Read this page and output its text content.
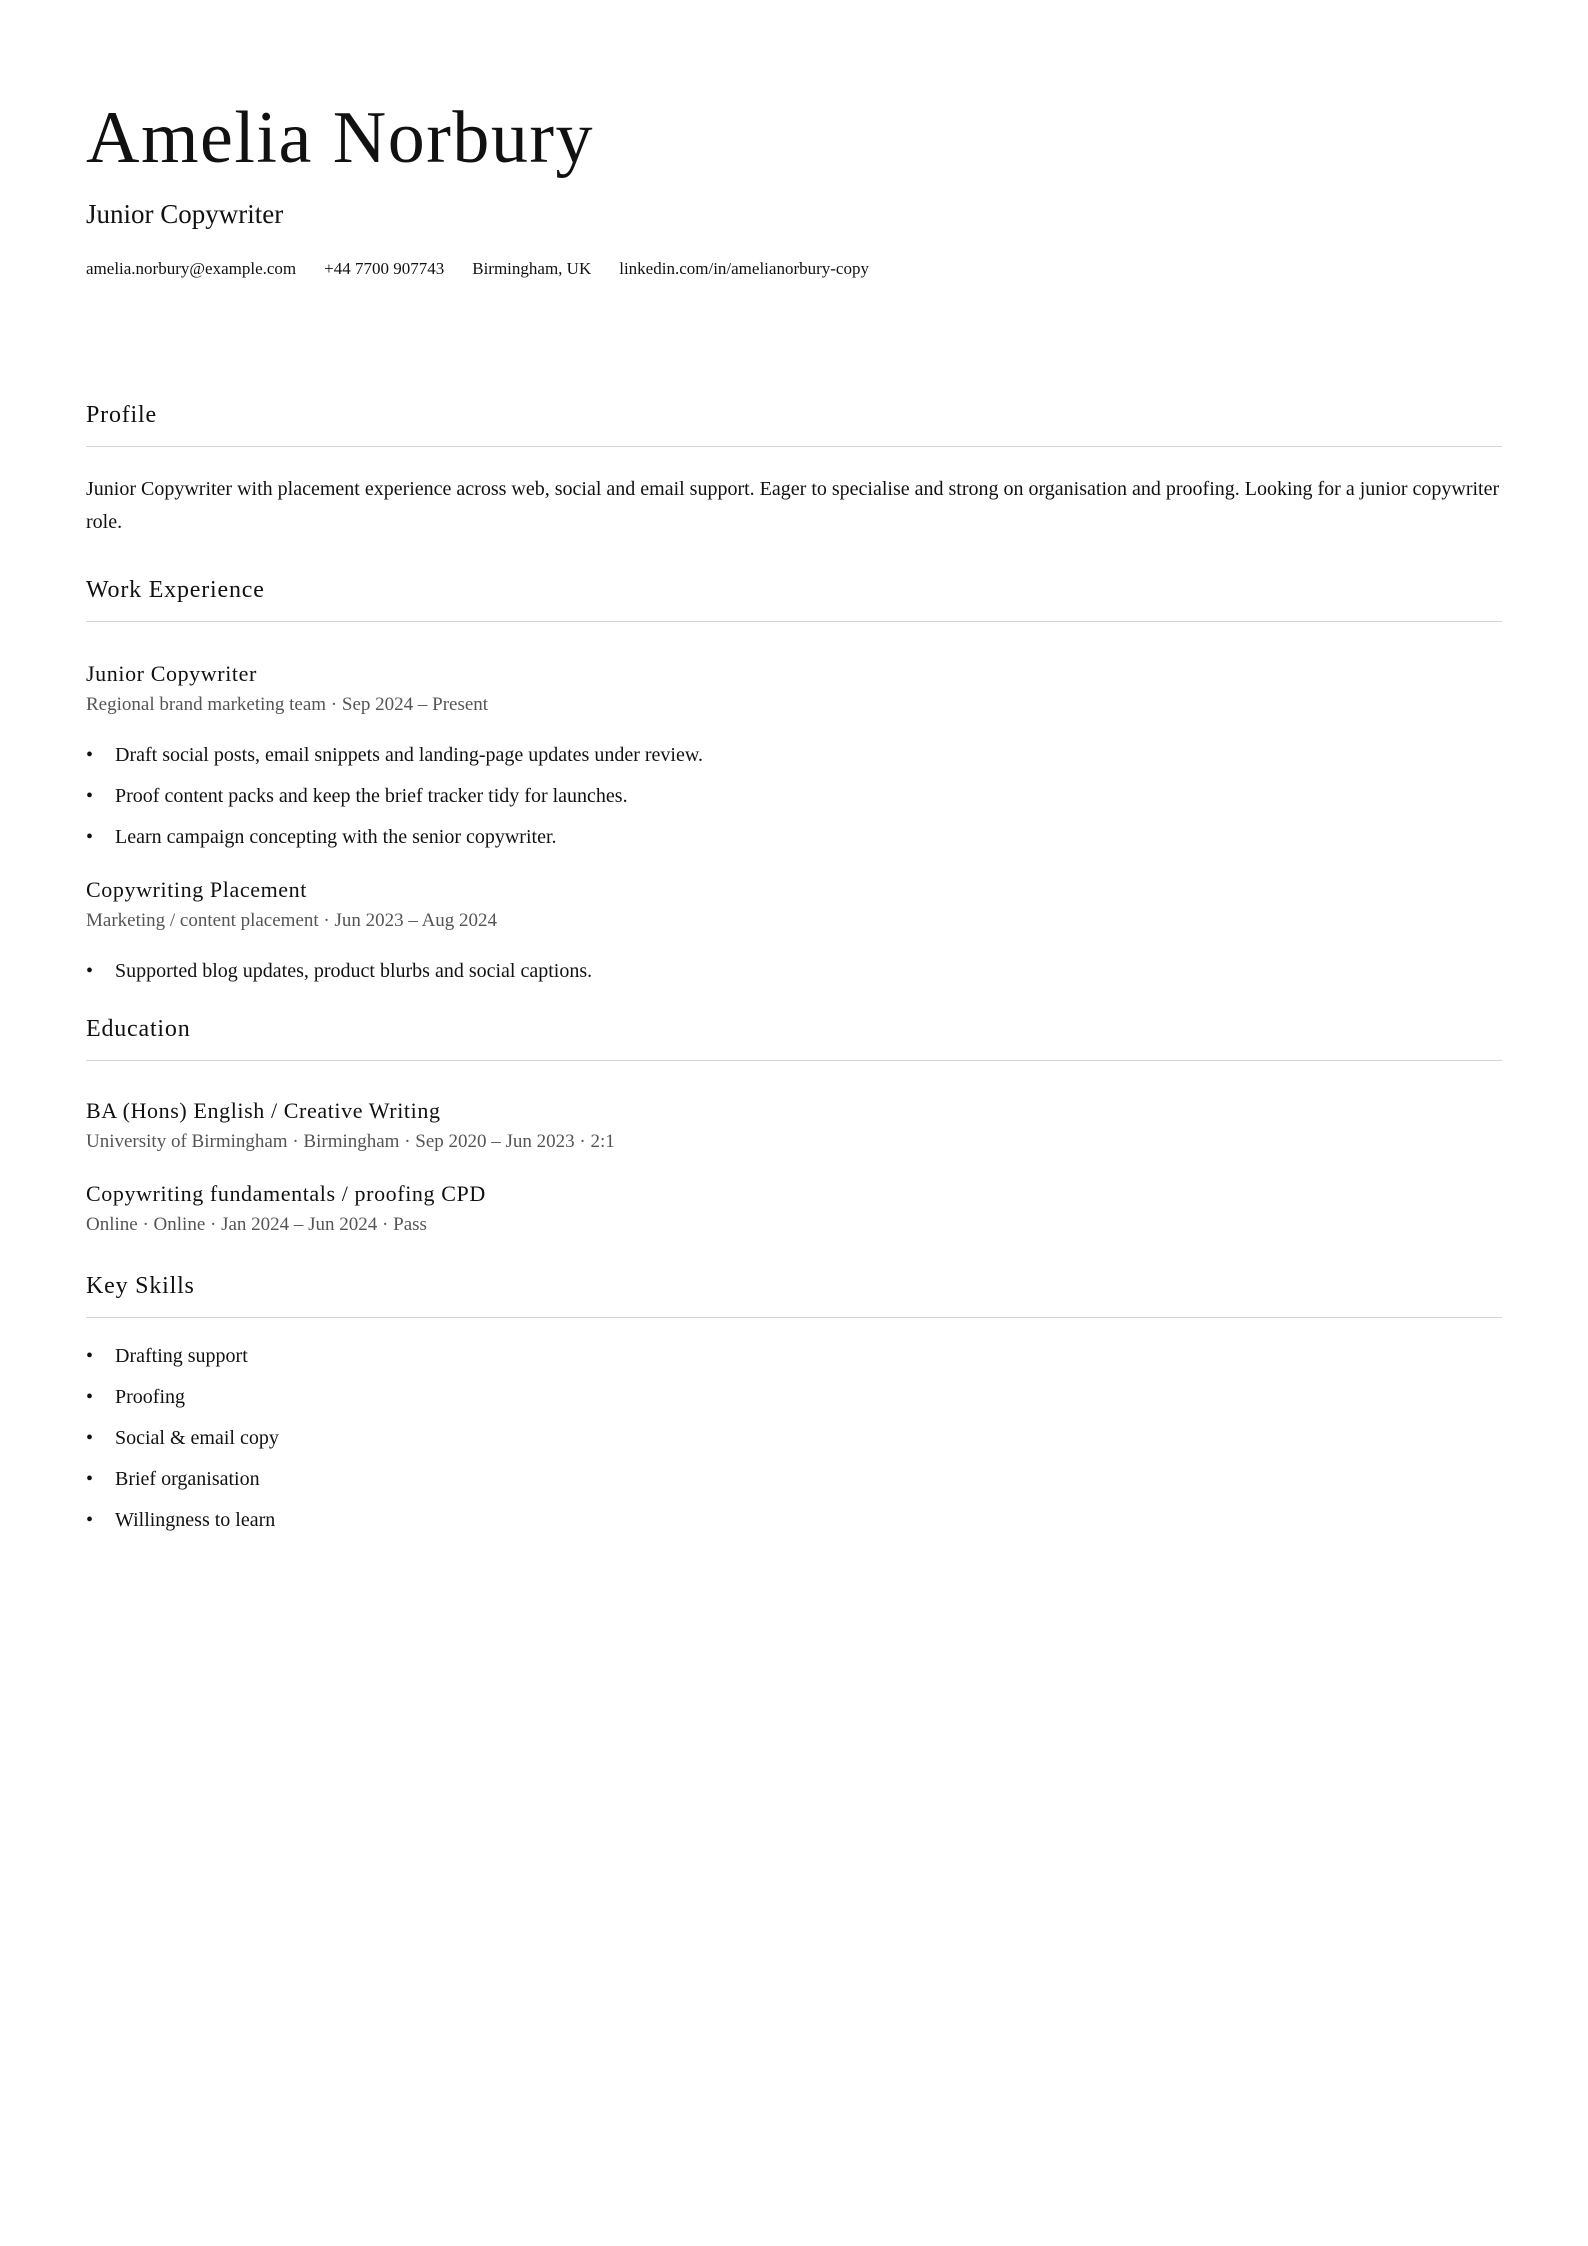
Amelia Norbury
Junior Copywriter
amelia.norbury@example.com +44 7700 907743 Birmingham, UK linkedin.com/in/amelianorbury-copy
Profile

Junior Copywriter with placement experience across web, social and email support. Eager to specialise and strong on organisation and proofing. Looking for a junior copywriter role.

Work Experience
Junior Copywriter
Regional brand marketing team · Sep 2024 – Present
• Draft social posts, email snippets and landing-page updates under review.
• Proof content packs and keep the brief tracker tidy for launches.
• Learn campaign concepting with the senior copywriter.
Copywriting Placement
Marketing / content placement · Jun 2023 – Aug 2024
• Supported blog updates, product blurbs and social captions.
Education
BA (Hons) English / Creative Writing
University of Birmingham · Birmingham · Sep 2020 – Jun 2023 · 2:1
Copywriting fundamentals / proofing CPD
Online · Online · Jan 2024 – Jun 2024 · Pass
Key Skills
• Drafting support
• Proofing
• Social & email copy
• Brief organisation
• Willingness to learn
